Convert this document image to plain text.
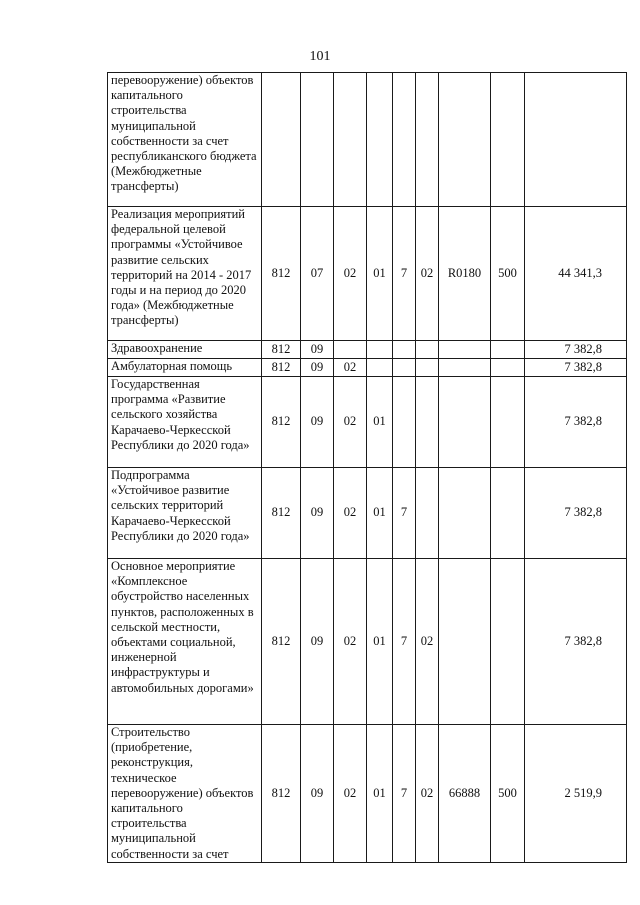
101
перевооружение) объектов капитального строительства муниципальной собственности за счет республиканского бюджета (Межбюджетные трансферты)									
Реализация мероприятий федеральной целевой программы «Устойчивое развитие сельских территорий на 2014 - 2017 годы и на период до 2020 года» (Межбюджетные трансферты)	812	07	02	01	7	02	R0180	500	44 341,3
Здравоохранение	812	09							7 382,8
Амбулаторная помощь	812	09	02						7 382,8
Государственная программа «Развитие сельского хозяйства Карачаево-Черкесской Республики до 2020 года»	812	09	02	01					7 382,8
Подпрограмма «Устойчивое развитие сельских территорий Карачаево-Черкесской Республики до 2020 года»	812	09	02	01	7				7 382,8
Основное мероприятие «Комплексное обустройство населенных пунктов, расположенных в сельской местности, объектами социальной, инженерной инфраструктуры и автомобильных дорогами»	812	09	02	01	7	02			7 382,8
Строительство (приобретение, реконструкция, техническое перевооружение) объектов капитального строительства муниципальной собственности за счет	812	09	02	01	7	02	66888	500	2 519,9
